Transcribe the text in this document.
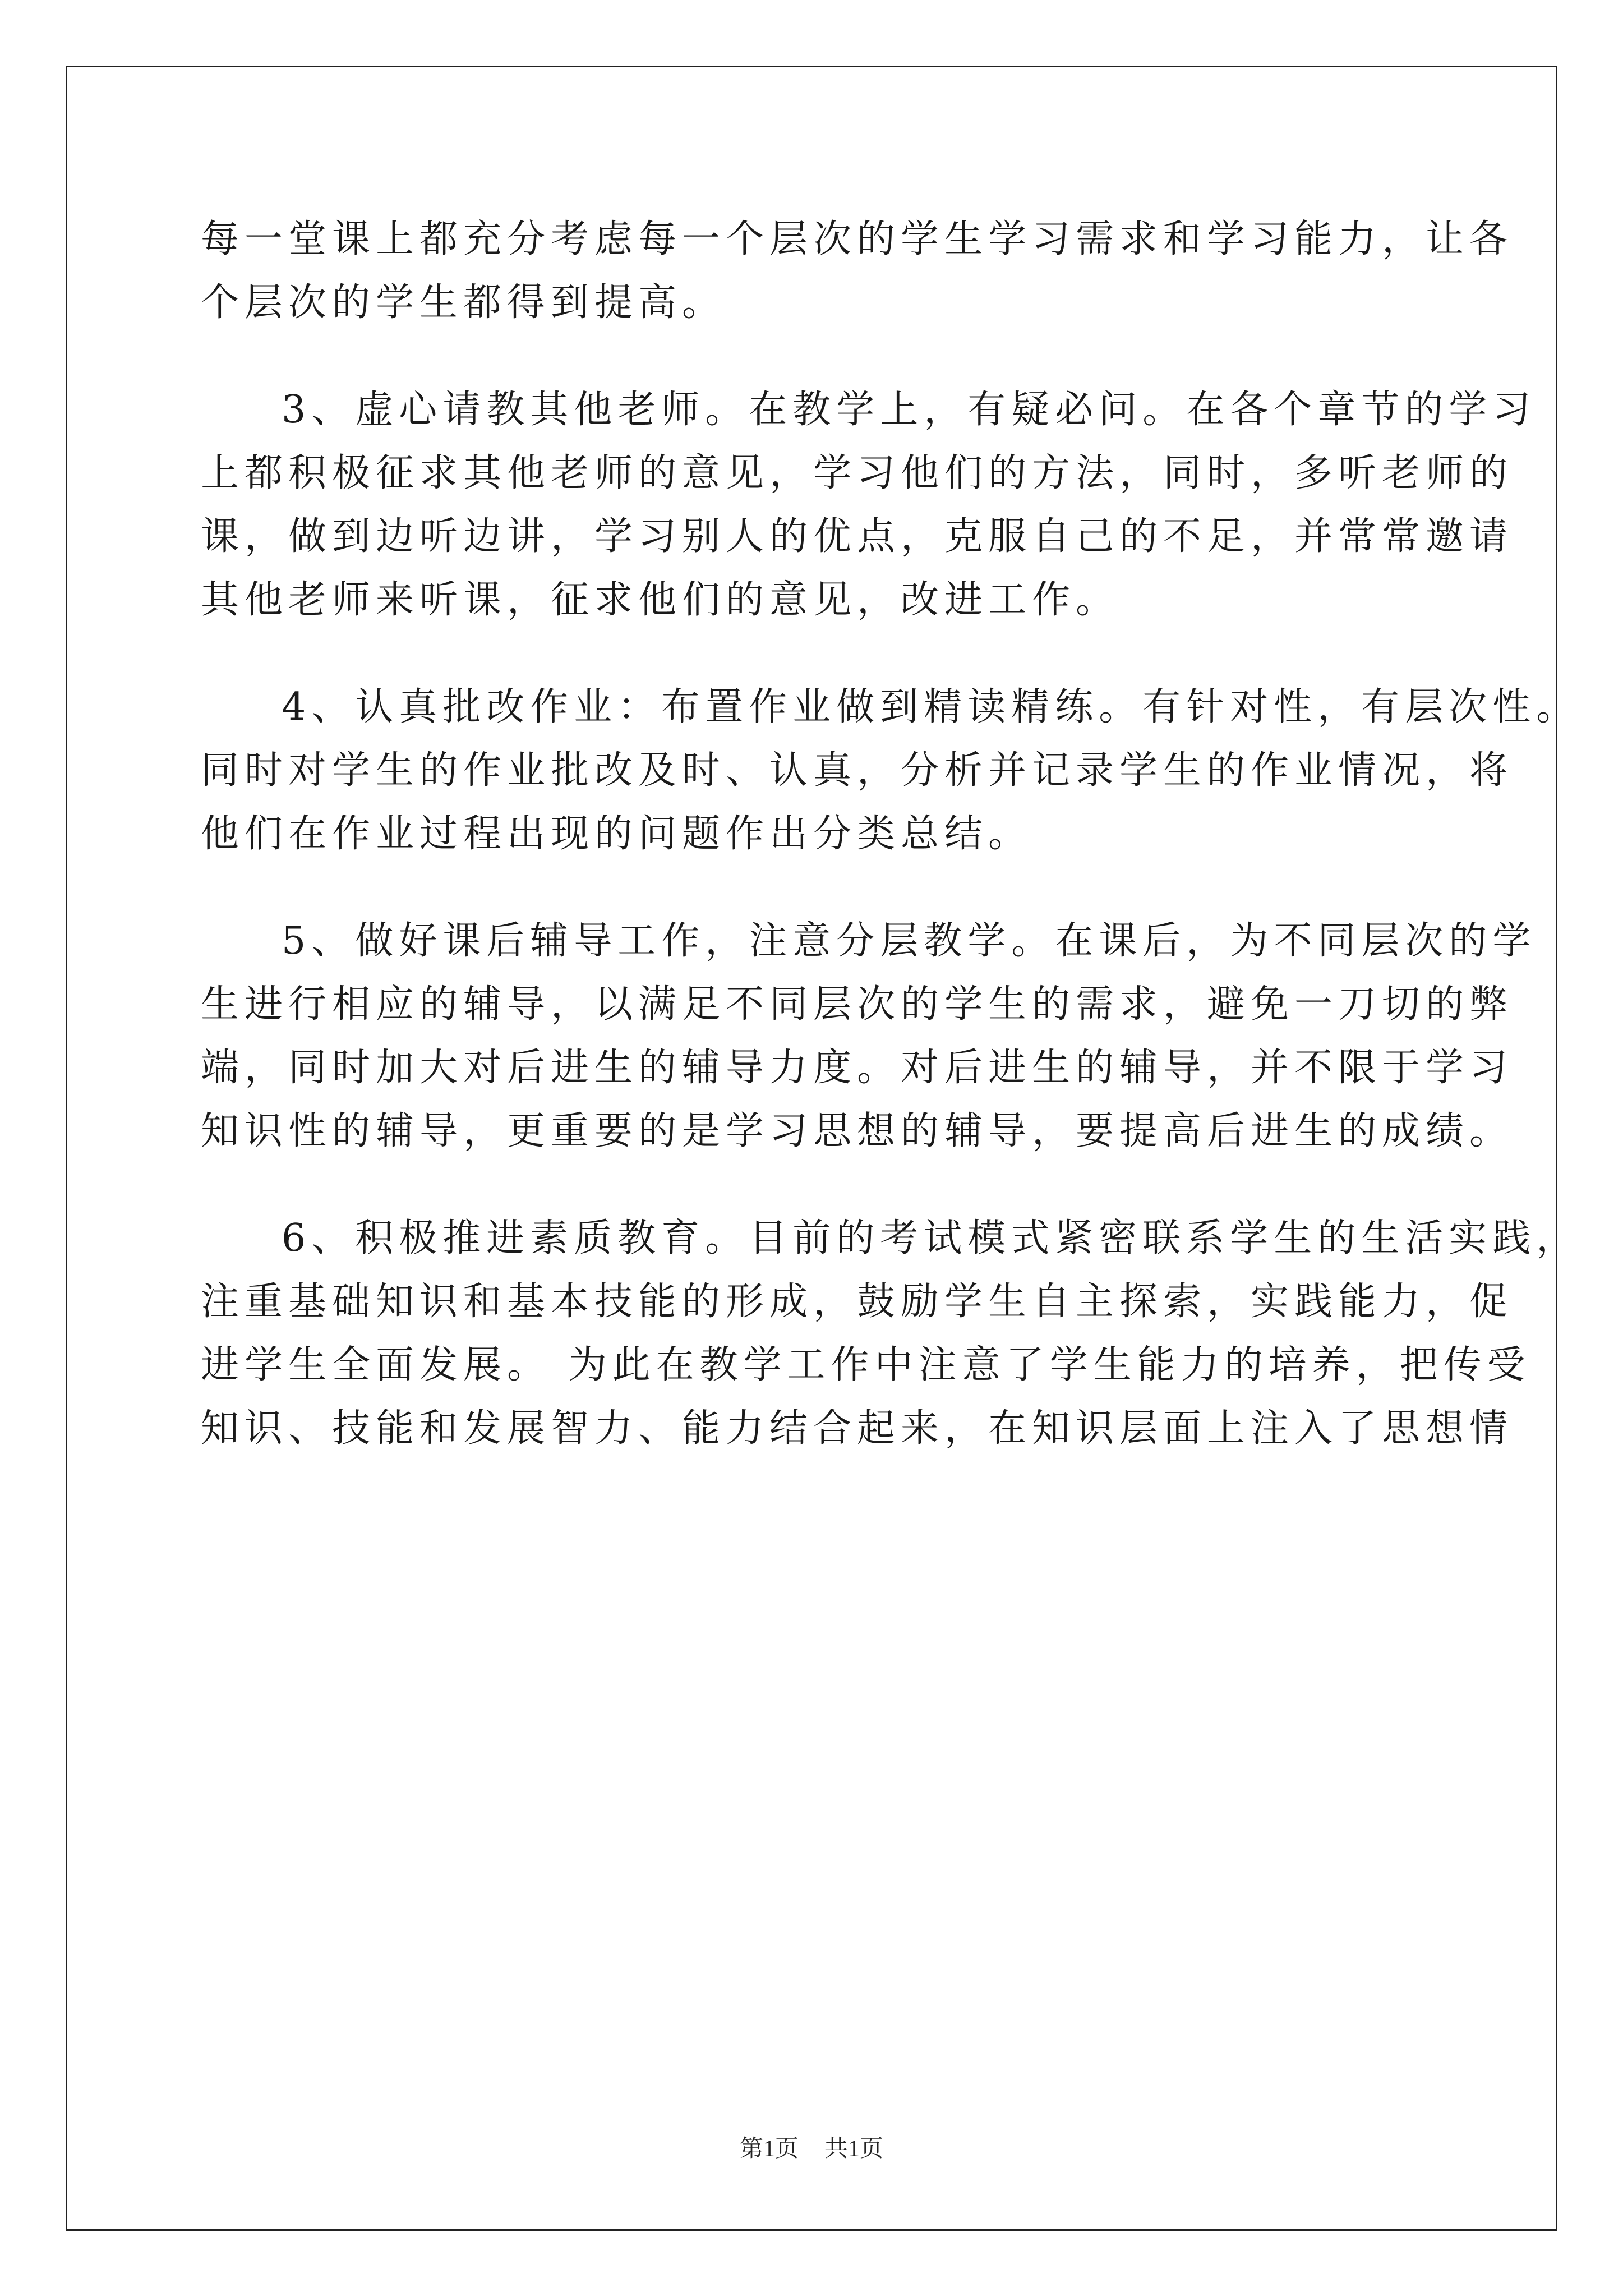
每一堂课上都充分考虑每一个层次的学生学习需求和学习能力，让各
个层次的学生都得到提高。
3、虚心请教其他老师。在教学上，有疑必问。在各个章节的学习
上都积极征求其他老师的意见，学习他们的方法，同时，多听老师的
课，做到边听边讲，学习别人的优点，克服自己的不足，并常常邀请
其他老师来听课，征求他们的意见，改进工作。
4、认真批改作业：布置作业做到精读精练。有针对性，有层次性。
同时对学生的作业批改及时、认真，分析并记录学生的作业情况，将
他们在作业过程出现的问题作出分类总结。
5、做好课后辅导工作，注意分层教学。在课后，为不同层次的学
生进行相应的辅导，以满足不同层次的学生的需求，避免一刀切的弊
端，同时加大对后进生的辅导力度。对后进生的辅导，并不限于学习
知识性的辅导，更重要的是学习思想的辅导，要提高后进生的成绩。
6、积极推进素质教育。目前的考试模式紧密联系学生的生活实践，
注重基础知识和基本技能的形成，鼓励学生自主探索，实践能力，促
进学生全面发展。 为此在教学工作中注意了学生能力的培养，把传受
知识、技能和发展智力、能力结合起来，在知识层面上注入了思想情
第1页 共1页
